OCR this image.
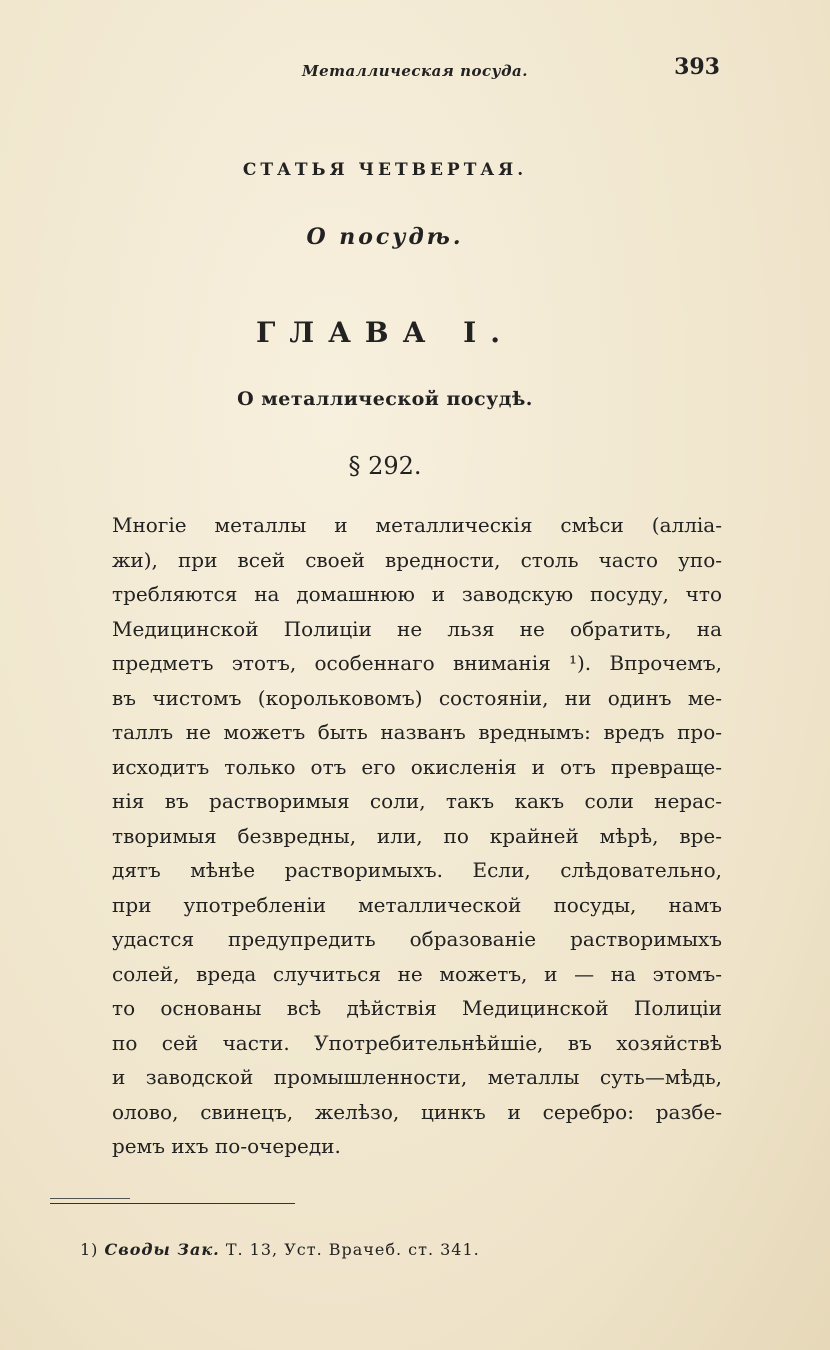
Металлическая посуда.	393
СТАТЬЯ ЧЕТВЕРТАЯ.
О посудѣ.
ГЛАВА I.
О металлической посудѣ.
§ 292.
Многіе металлы и металлическія смѣси (алліа-
жи), при всей своей вредности, столь часто упо-
требляются на домашнюю и заводскую посуду, что
Медицинской Полиціи не льзя не обратить, на
предметъ этотъ, особеннаго вниманія ¹). Впрочемъ,
въ чистомъ (корольковомъ) состояніи, ни одинъ ме-
таллъ не можетъ быть названъ вреднымъ: вредъ про-
исходитъ только отъ его окисленія и отъ превраще-
нія въ растворимыя соли, такъ какъ соли нерас-
творимыя безвредны, или, по крайней мѣрѣ, вре-
дятъ мѣнѣе растворимыхъ. Если, слѣдовательно,
при употребленіи металлической посуды, намъ
удастся предупредить образованіе растворимыхъ
солей, вреда случиться не можетъ, и — на этомъ-
то основаны всѣ дѣйствія Медицинской Полиціи
по сей части. Употребительнѣйшіе, въ хозяйствѣ
и заводской промышленности, металлы суть—мѣдь,
олово, свинецъ, желѣзо, цинкъ и серебро: разбе-
ремъ ихъ по-очереди.
1) Своды Зак. Т. 13, Уст. Врачеб. ст. 341.
